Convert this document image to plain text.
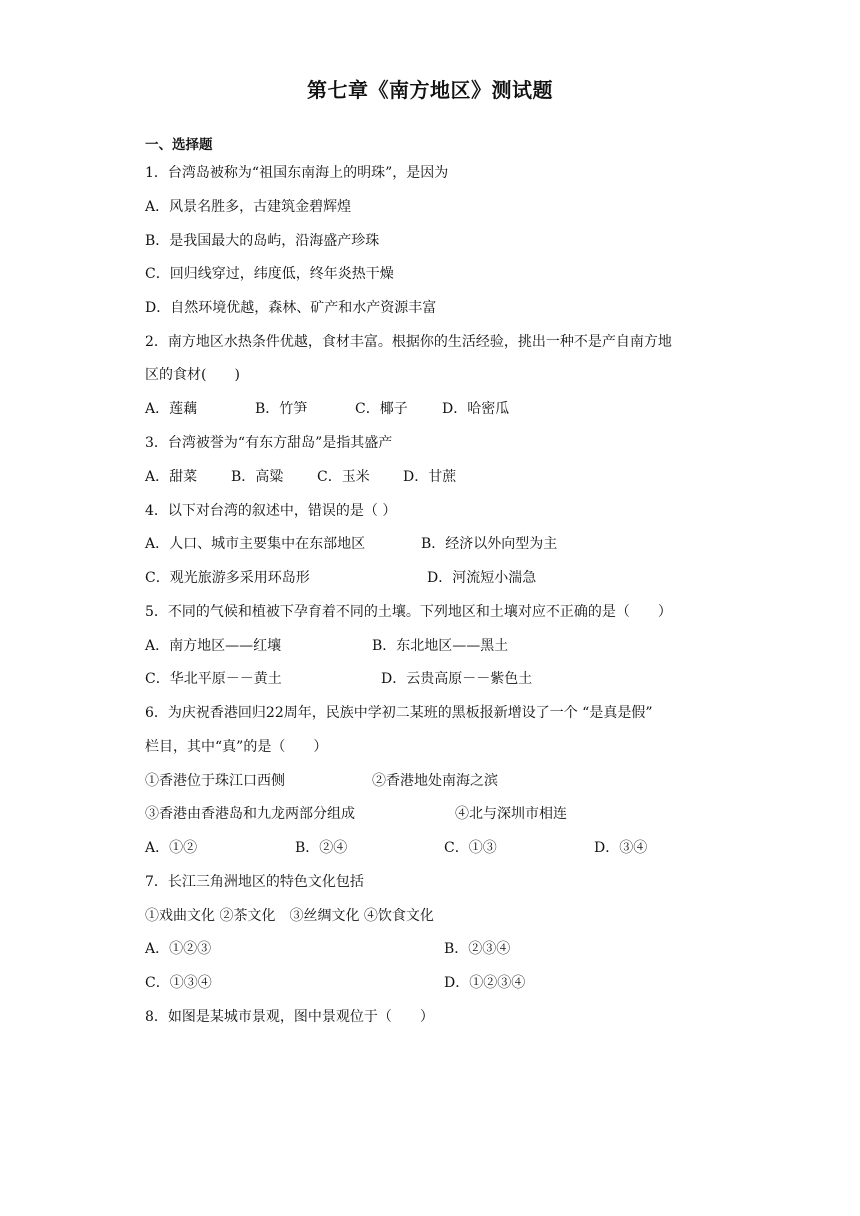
第七章《南方地区》测试题
一、选择题
1．台湾岛被称为“祖国东南海上的明珠”，是因为
A．风景名胜多，古建筑金碧辉煌
B．是我国最大的岛屿，沿海盛产珍珠
C．回归线穿过，纬度低，终年炎热干燥
D．自然环境优越，森林、矿产和水产资源丰富
2．南方地区水热条件优越，食材丰富。根据你的生活经验，挑出一种不是产自南方地
区的食材(　　)
A．莲藕	B．竹笋	C．椰子 D．哈密瓜
3．台湾被誉为“有东方甜岛”是指其盛产
A．甜菜 B．高粱 C．玉米 D．甘蔗
4．以下对台湾的叙述中，错误的是（ ）
A．人口、城市主要集中在东部地区	B．经济以外向型为主
C．观光旅游多采用环岛形	D．河流短小湍急
5．不同的气候和植被下孕育着不同的土壤。下列地区和土壤对应不正确的是（　　）
A．南方地区——红壤	B．东北地区——黑土
C．华北平原－－黄土	D．云贵高原－－紫色土
6．为庆祝香港回归22周年，民族中学初二某班的黑板报新增设了一个 “是真是假”
栏目，其中“真”的是（　　）
①香港位于珠江口西侧	②香港地处南海之滨
③香港由香港岛和九龙两部分组成	④北与深圳市相连
A．①②	B．②④	C．①③	D．③④
7．长江三角洲地区的特色文化包括
①戏曲文化 ②茶文化　③丝绸文化 ④饮食文化
A．①②③	B．②③④
C．①③④	D．①②③④
8．如图是某城市景观，图中景观位于（　　）
